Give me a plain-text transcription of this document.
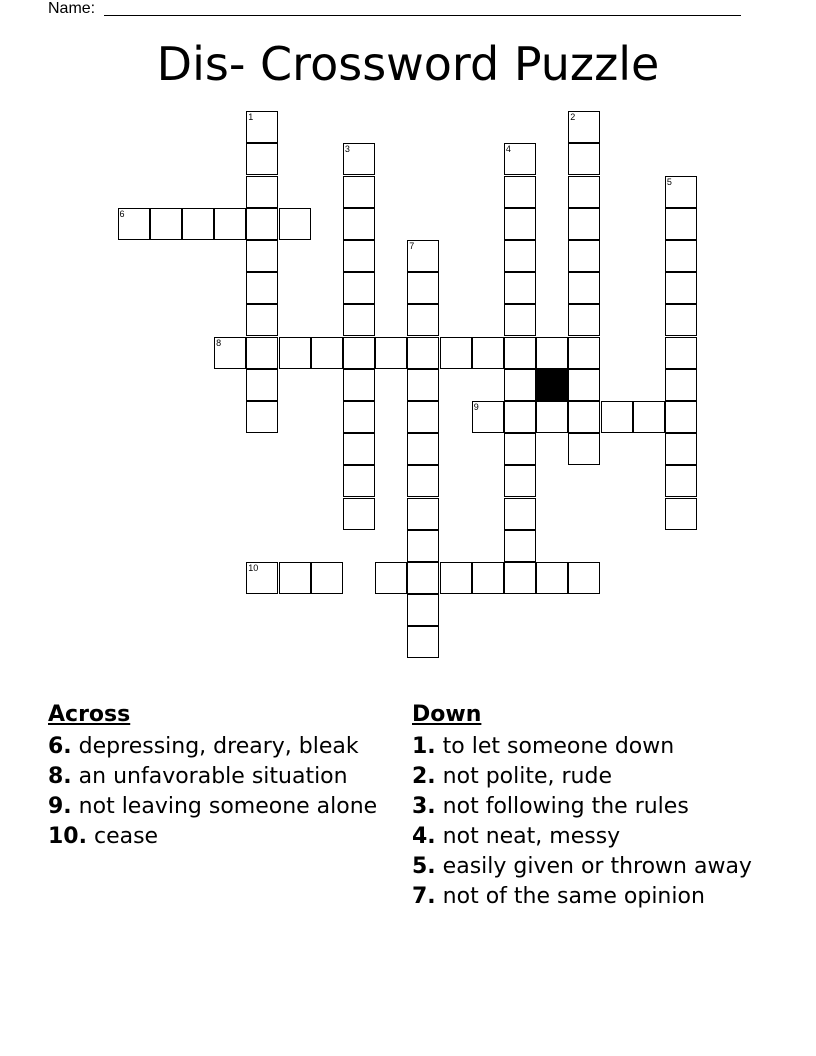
Name:
Dis- Crossword Puzzle
1	2
3	4
5
7
6
8
9
10
Across
6. depressing, dreary, bleak
8. an unfavorable situation
9. not leaving someone alone
10. cease
Down
1. to let someone down
2. not polite, rude
3. not following the rules
4. not neat, messy
5. easily given or thrown away
7. not of the same opinion
